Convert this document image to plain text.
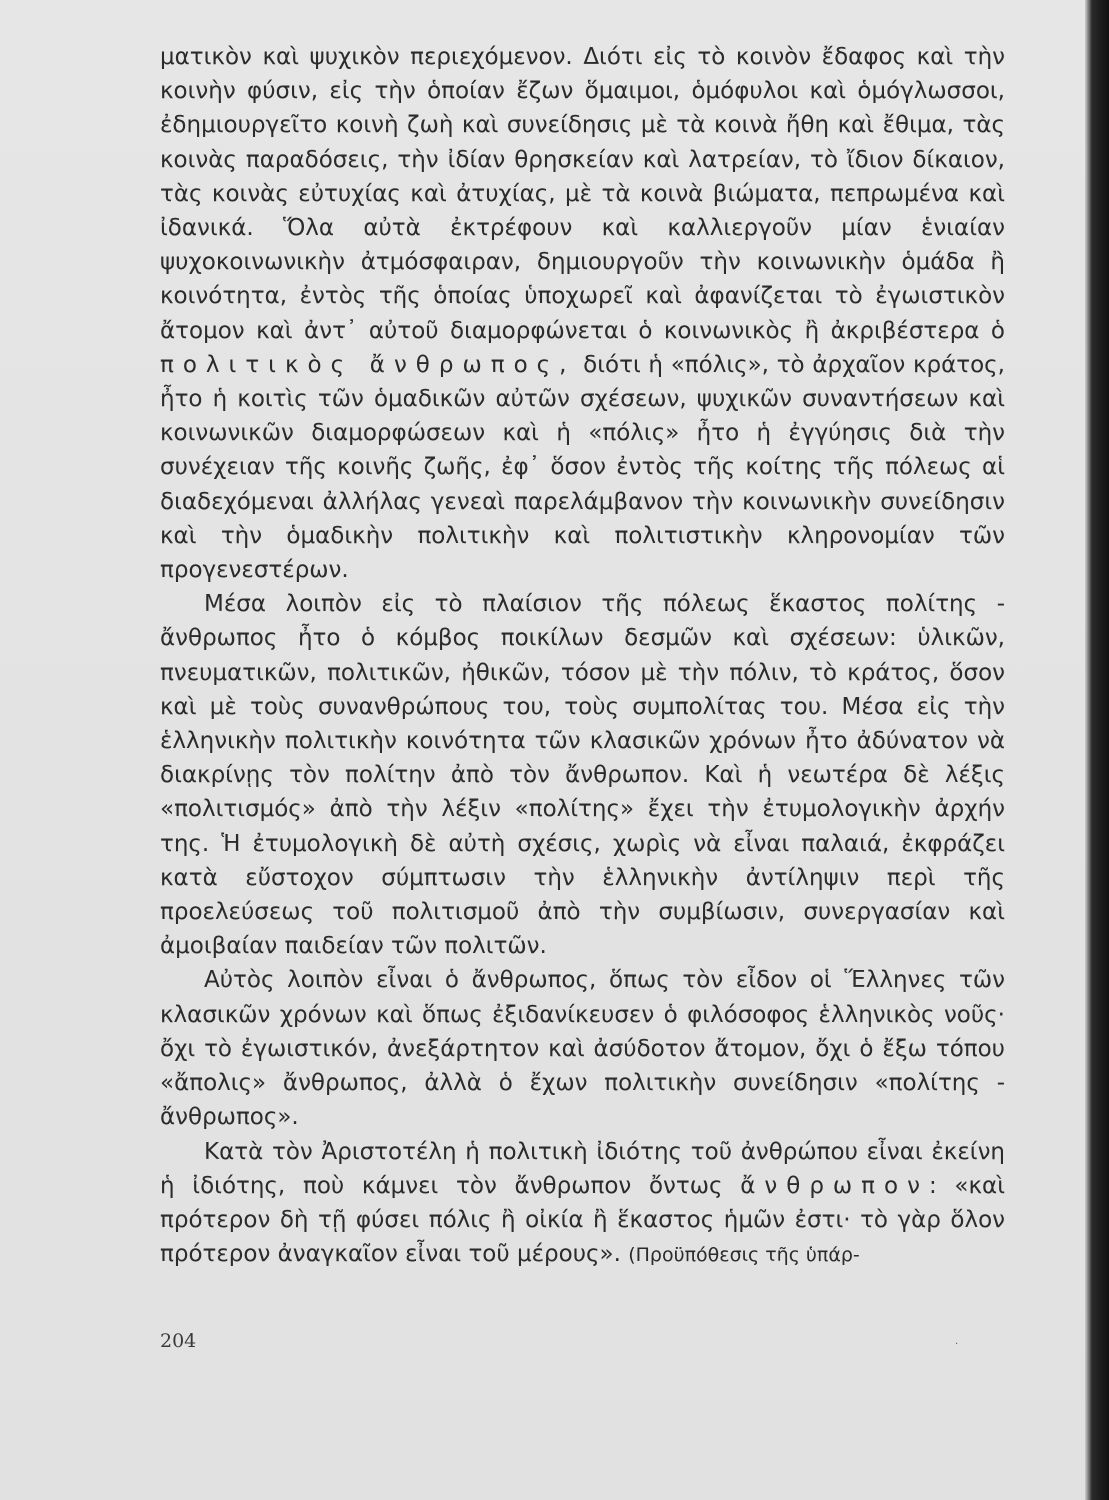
ματικὸν καὶ ψυχικὸν περιεχόμενον. Διότι εἰς τὸ κοινὸν ἔδαφος καὶ τὴν κοινὴν φύσιν, εἰς τὴν ὁποίαν ἔζων ὅμαιμοι, ὁμόφυλοι καὶ ὁμόγλωσσοι, ἐδημιουργεῖτο κοινὴ ζωὴ καὶ συνείδησις μὲ τὰ κοινὰ ἤθη καὶ ἔθιμα, τὰς κοινὰς παραδόσεις, τὴν ἰδίαν θρησκείαν καὶ λατρείαν, τὸ ἴδιον δίκαιον, τὰς κοινὰς εὐτυχίας καὶ ἀτυχίας, μὲ τὰ κοινὰ βιώματα, πεπρωμένα καὶ ἰδανικά. Ὅλα αὐτὰ ἐκτρέφουν καὶ καλλιεργοῦν μίαν ἑνιαίαν ψυχοκοινωνικὴν ἀτμόσφαιραν, δημιουργοῦν τὴν κοινωνικὴν ὁμάδα ἢ κοινότητα, ἐντὸς τῆς ὁποίας ὑποχωρεῖ καὶ ἀφανίζεται τὸ ἐγωιστικὸν ἄτομον καὶ ἀντ᾽ αὐτοῦ διαμορφώνεται ὁ κοινωνικὸς ἢ ἀκριβέστερα ὁ πολιτικὸς ἄνθρωπος, διότι ἡ «πόλις», τὸ ἀρχαῖον κράτος, ἦτο ἡ κοιτὶς τῶν ὁμαδικῶν αὐτῶν σχέσεων, ψυχικῶν συναντήσεων καὶ κοινωνικῶν διαμορφώσεων καὶ ἡ «πόλις» ἦτο ἡ ἐγγύησις διὰ τὴν συνέχειαν τῆς κοινῆς ζωῆς, ἐφ᾽ ὅσον ἐντὸς τῆς κοίτης τῆς πόλεως αἱ διαδεχόμεναι ἀλλήλας γενεαὶ παρελάμβανον τὴν κοινωνικὴν συνείδησιν καὶ τὴν ὁμαδικὴν πολιτικὴν καὶ πολιτιστικὴν κληρονομίαν τῶν προγενεστέρων.

Μέσα λοιπὸν εἰς τὸ πλαίσιον τῆς πόλεως ἕκαστος πολίτης - ἄνθρωπος ἦτο ὁ κόμβος ποικίλων δεσμῶν καὶ σχέσεων: ὑλικῶν, πνευματικῶν, πολιτικῶν, ἠθικῶν, τόσον μὲ τὴν πόλιν, τὸ κράτος, ὅσον καὶ μὲ τοὺς συνανθρώπους του, τοὺς συμπολίτας του. Μέσα εἰς τὴν ἑλληνικὴν πολιτικὴν κοινότητα τῶν κλασικῶν χρόνων ἦτο ἀδύνατον νὰ διακρίνῃς τὸν πολίτην ἀπὸ τὸν ἄνθρωπον. Καὶ ἡ νεωτέρα δὲ λέξις «πολιτισμός» ἀπὸ τὴν λέξιν «πολίτης» ἔχει τὴν ἐτυμολογικὴν ἀρχήν της. Ἡ ἐτυμολογικὴ δὲ αὐτὴ σχέσις, χωρὶς νὰ εἶναι παλαιά, ἐκφράζει κατὰ εὔστοχον σύμπτωσιν τὴν ἑλληνικὴν ἀντίληψιν περὶ τῆς προελεύσεως τοῦ πολιτισμοῦ ἀπὸ τὴν συμβίωσιν, συνεργασίαν καὶ ἀμοιβαίαν παιδείαν τῶν πολιτῶν.

Αὐτὸς λοιπὸν εἶναι ὁ ἄνθρωπος, ὅπως τὸν εἶδον οἱ Ἕλληνες τῶν κλασικῶν χρόνων καὶ ὅπως ἐξιδανίκευσεν ὁ φιλόσοφος ἑλληνικὸς νοῦς· ὄχι τὸ ἐγωιστικόν, ἀνεξάρτητον καὶ ἀσύδοτον ἄτομον, ὄχι ὁ ἔξω τόπου «ἄπολις» ἄνθρωπος, ἀλλὰ ὁ ἔχων πολιτικὴν συνείδησιν «πολίτης - ἄνθρωπος».

Κατὰ τὸν Ἀριστοτέλη ἡ πολιτικὴ ἰδιότης τοῦ ἀνθρώπου εἶναι ἐκείνη ἡ ἰδιότης, ποὺ κάμνει τὸν ἄνθρωπον ὄντως ἄνθρωπον: «καὶ πρότερον δὴ τῇ φύσει πόλις ἢ οἰκία ἢ ἕκαστος ἡμῶν ἐστι· τὸ γὰρ ὅλον πρότερον ἀναγκαῖον εἶναι τοῦ μέρους». (Προϋπόθεσις τῆς ὑπάρ-

204	·
